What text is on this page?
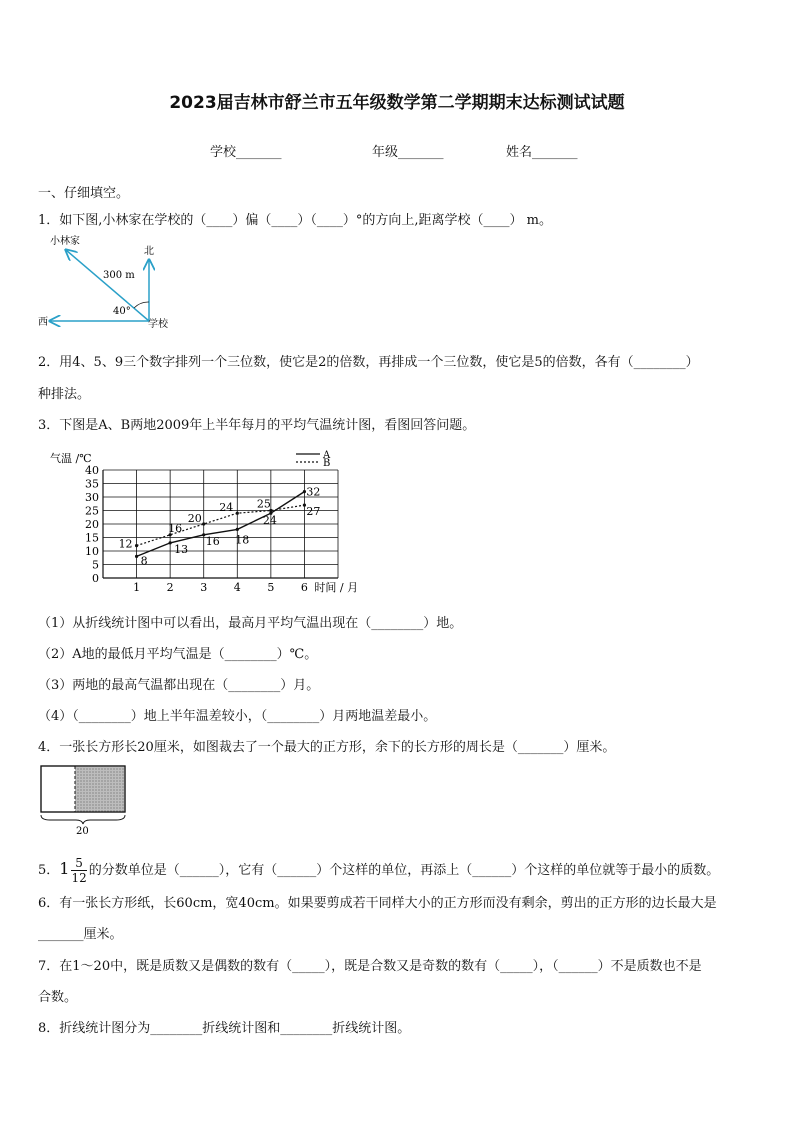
2023届吉林市舒兰市五年级数学第二学期期末达标测试试题
学校_______	年级_______	姓名_______
一、仔细填空。
1．如下图,小林家在学校的（____）偏（____）（____）°的方向上,距离学校（____） m。
小林家
北
300 m
40°
西	学校
2．用4、5、9三个数字排列一个三位数，使它是2的倍数，再排成一个三位数，使它是5的倍数，各有（________）
种排法。
3．下图是A、B两地2009年上半年每月的平均气温统计图，看图回答问题。
0
5
10
15
20
25
30
35
40
1 2 3 4 5 6
气温 /℃
时间 / 月
8
13
16 18
24
32
12
16
20
24 25
27
A
B
（1）从折线统计图中可以看出，最高月平均气温出现在（________）地。
（2）A地的最低月平均气温是（________）℃。
（3）两地的最高气温都出现在（________）月。
（4）（________）地上半年温差较小，（________）月两地温差最小。
4．一张长方形长20厘米，如图裁去了一个最大的正方形，余下的长方形的周长是（_______）厘米。
20
5．$1 \frac{5}{12}$ 的分数单位是（______），它有（______）个这样的单位，再添上（______）个这样的单位就等于最小的质数。
6．有一张长方形纸，长60cm，宽40cm。如果要剪成若干同样大小的正方形而没有剩余，剪出的正方形的边长最大是
_______厘米。
7．在1～20中，既是质数又是偶数的数有（_____），既是合数又是奇数的数有（_____），（______）不是质数也不是
合数。
8．折线统计图分为________折线统计图和________折线统计图。
